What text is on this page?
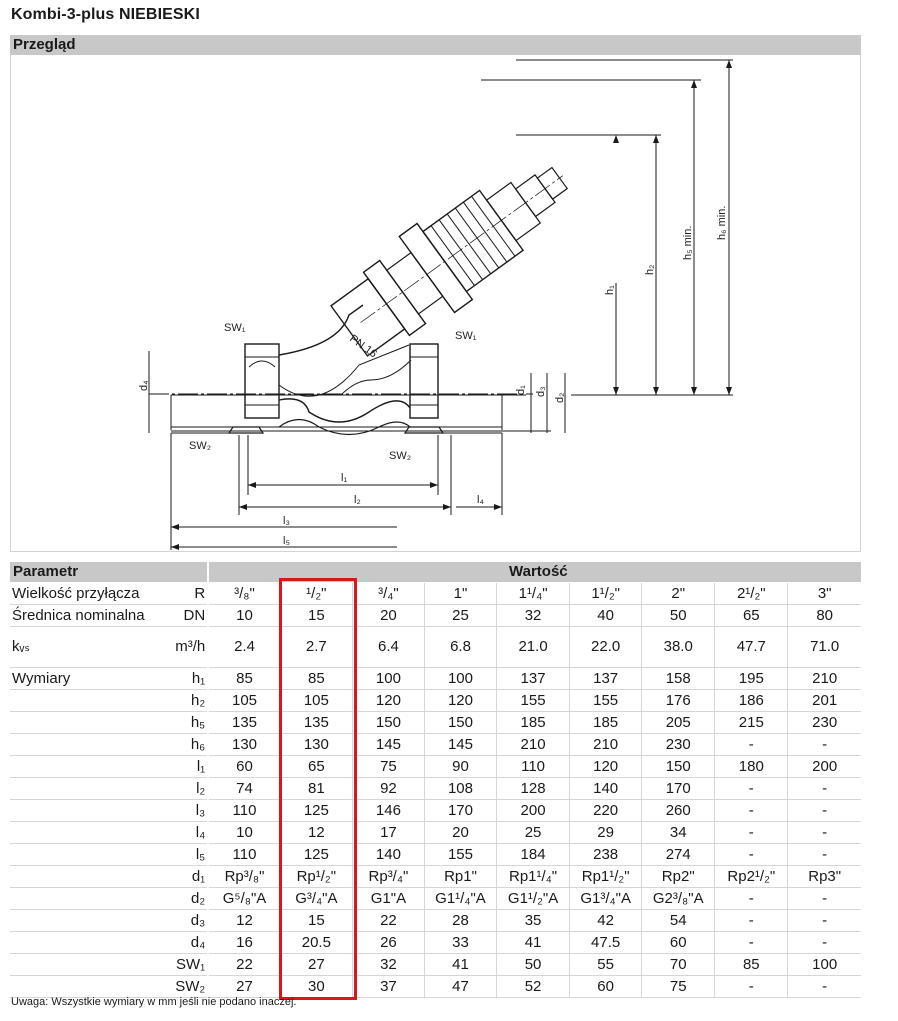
Kombi-3-plus NIEBIESKI
Przegląd
SW₁
SW₁
SW₂
SW₂
PN 16
d₄	d₁ d₃
d₂
h₁
h₂
h₅ min.
h₆ min.
l₁
l₂
l₃
l₄
l₅
Parametr	Wartość
Wielkość przyłącza	R	³/₈"	¹/₂"	³/₄"	1"	1¹/₄"	1¹/₂"	2"	2¹/₂"	3"
Średnica nominalna	DN	10	15	20	25	32	40	50	65	80
kᵥₛ	m³/h	2.4	2.7	6.4	6.8	21.0	22.0	38.0	47.7	71.0
Wymiary	h₁	85	85	100	100	137	137	158	195	210
	h₂	105	105	120	120	155	155	176	186	201
	h₅	135	135	150	150	185	185	205	215	230
	h₆	130	130	145	145	210	210	230	-	-
	l₁	60	65	75	90	110	120	150	180	200
	l₂	74	81	92	108	128	140	170	-	-
	l₃	110	125	146	170	200	220	260	-	-
	l₄	10	12	17	20	25	29	34	-	-
	l₅	110	125	140	155	184	238	274	-	-
	d₁	Rp³/₈"	Rp¹/₂"	Rp³/₄"	Rp1"	Rp1¹/₄"	Rp1¹/₂"	Rp2"	Rp2¹/₂"	Rp3"
	d₂	G⁵/₈"A	G³/₄"A	G1"A	G1¹/₄"A	G1¹/₂"A	G1³/₄"A	G2³/₈"A	-	-
	d₃	12	15	22	28	35	42	54	-	-
	d₄	16	20.5	26	33	41	47.5	60	-	-
	SW₁	22	27	32	41	50	55	70	85	100
	SW₂	27	30	37	47	52	60	75	-	-
Uwaga: Wszystkie wymiary w mm jeśli nie podano inaczej.
